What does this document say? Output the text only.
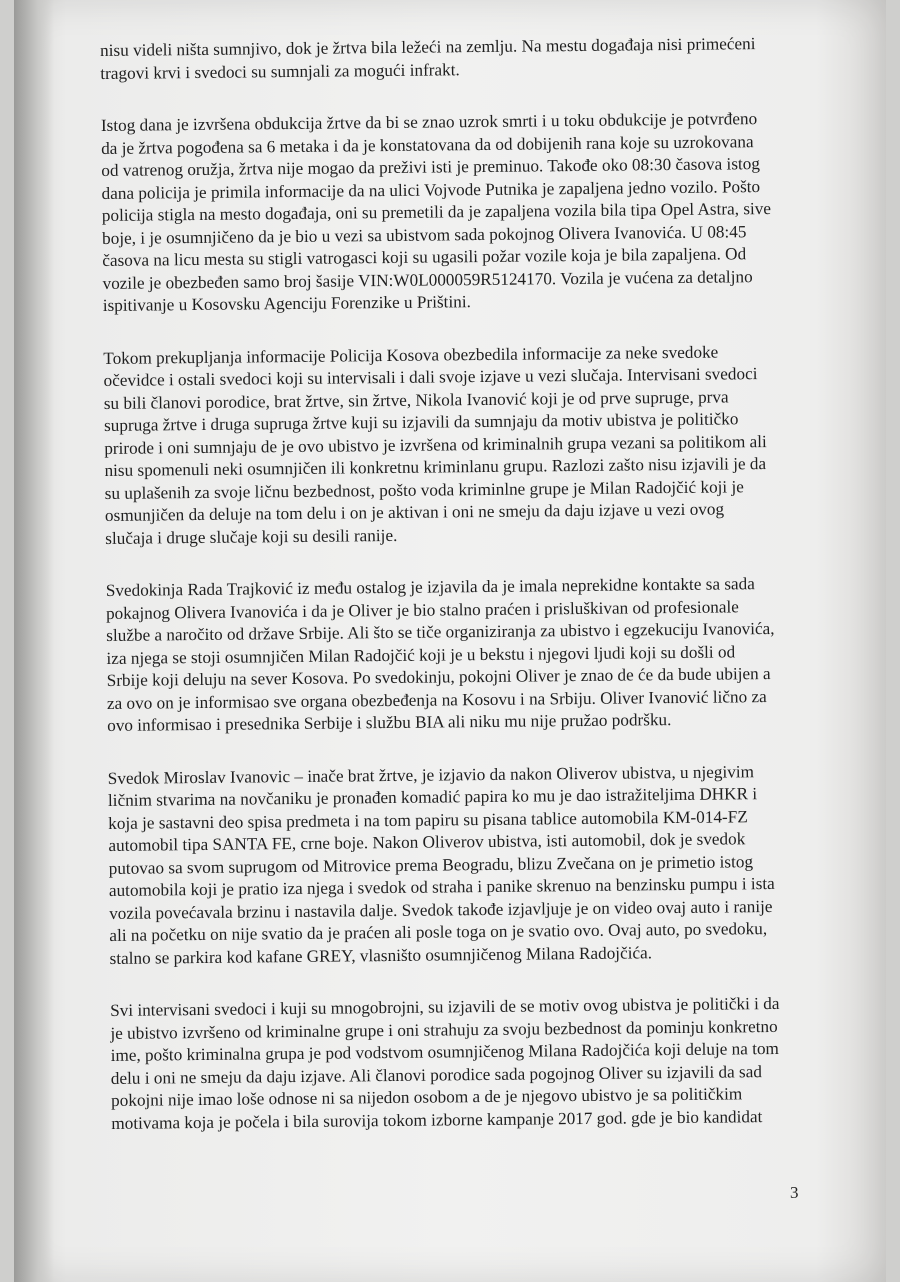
nisu videli ništa sumnjivo, dok je žrtva bila ležeći na zemlju. Na mestu događaja nisi primećeni
tragovi krvi i svedoci su sumnjali za mogući infrakt.
Istog dana je izvršena obdukcija žrtve da bi se znao uzrok smrti i u toku obdukcije je potvrđeno
da je žrtva pogođena sa 6 metaka i da je konstatovana da od dobijenih rana koje su uzrokovana
od vatrenog oružja, žrtva nije mogao da preživi isti je preminuo. Takođe oko 08:30 časova istog
dana policija je primila informacije da na ulici Vojvode Putnika je zapaljena jedno vozilo. Pošto
policija stigla na mesto događaja, oni su premetili da je zapaljena vozila bila tipa Opel Astra, sive
boje, i je osumnjičeno da je bio u vezi sa ubistvom sada pokojnog Olivera Ivanovića. U 08:45
časova na licu mesta su stigli vatrogasci koji su ugasili požar vozile koja je bila zapaljena. Od
vozile je obezbeđen samo broj šasije VIN:W0L000059R5124170. Vozila je vućena za detaljno
ispitivanje u Kosovsku Agenciju Forenzike u Prištini.
Tokom prekupljanja informacije Policija Kosova obezbedila informacije za neke svedoke
očevidce i ostali svedoci koji su intervisali i dali svoje izjave u vezi slučaja. Intervisani svedoci
su bili članovi porodice, brat žrtve, sin žrtve, Nikola Ivanović koji je od prve supruge, prva
supruga žrtve i druga supruga žrtve kuji su izjavili da sumnjaju da motiv ubistva je političko
prirode i oni sumnjaju de je ovo ubistvo je izvršena od kriminalnih grupa vezani sa politikom ali
nisu spomenuli neki osumnjičen ili konkretnu kriminlanu grupu. Razlozi zašto nisu izjavili je da
su uplašenih za svoje ličnu bezbednost, pošto voda kriminlne grupe je Milan Radojčić koji je
osmunjičen da deluje na tom delu i on je aktivan i oni ne smeju da daju izjave u vezi ovog
slučaja i druge slučaje koji su desili ranije.
Svedokinja Rada Trajković iz među ostalog je izjavila da je imala neprekidne kontakte sa sada
pokajnog Olivera Ivanovića i da je Oliver je bio stalno praćen i prisluškivan od profesionale
službe a naročito od države Srbije. Ali što se tiče organiziranja za ubistvo i egzekuciju Ivanovića,
iza njega se stoji osumnjičen Milan Radojčić koji je u bekstu i njegovi ljudi koji su došli od
Srbije koji deluju na sever Kosova. Po svedokinju, pokojni Oliver je znao de će da bude ubijen a
za ovo on je informisao sve organa obezbeđenja na Kosovu i na Srbiju. Oliver Ivanović lično za
ovo informisao i presednika Serbije i službu BIA ali niku mu nije pružao podršku.
Svedok Miroslav Ivanovic – inače brat žrtve, je izjavio da nakon Oliverov ubistva, u njegivim
ličnim stvarima na novčaniku je pronađen komadić papira ko mu je dao istražiteljima DHKR i
koja je sastavni deo spisa predmeta i na tom papiru su pisana tablice automobila KM-014-FZ
automobil tipa SANTA FE, crne boje. Nakon Oliverov ubistva, isti automobil, dok je svedok
putovao sa svom suprugom od Mitrovice prema Beogradu, blizu Zvečana on je primetio istog
automobila koji je pratio iza njega i svedok od straha i panike skrenuo na benzinsku pumpu i ista
vozila povećavala brzinu i nastavila dalje. Svedok takođe izjavljuje je on video ovaj auto i ranije
ali na početku on nije svatio da je praćen ali posle toga on je svatio ovo. Ovaj auto, po svedoku,
stalno se parkira kod kafane GREY, vlasništo osumnjičenog Milana Radojčića.
Svi intervisani svedoci i kuji su mnogobrojni, su izjavili de se motiv ovog ubistva je politički i da
je ubistvo izvršeno od kriminalne grupe i oni strahuju za svoju bezbednost da pominju konkretno
ime, pošto kriminalna grupa je pod vodstvom osumnjičenog Milana Radojčića koji deluje na tom
delu i oni ne smeju da daju izjave. Ali članovi porodice sada pogojnog Oliver su izjavili da sad
pokojni nije imao loše odnose ni sa nijedon osobom a de je njegovo ubistvo je sa političkim
motivama koja je počela i bila surovija tokom izborne kampanje 2017 god. gde je bio kandidat
3
